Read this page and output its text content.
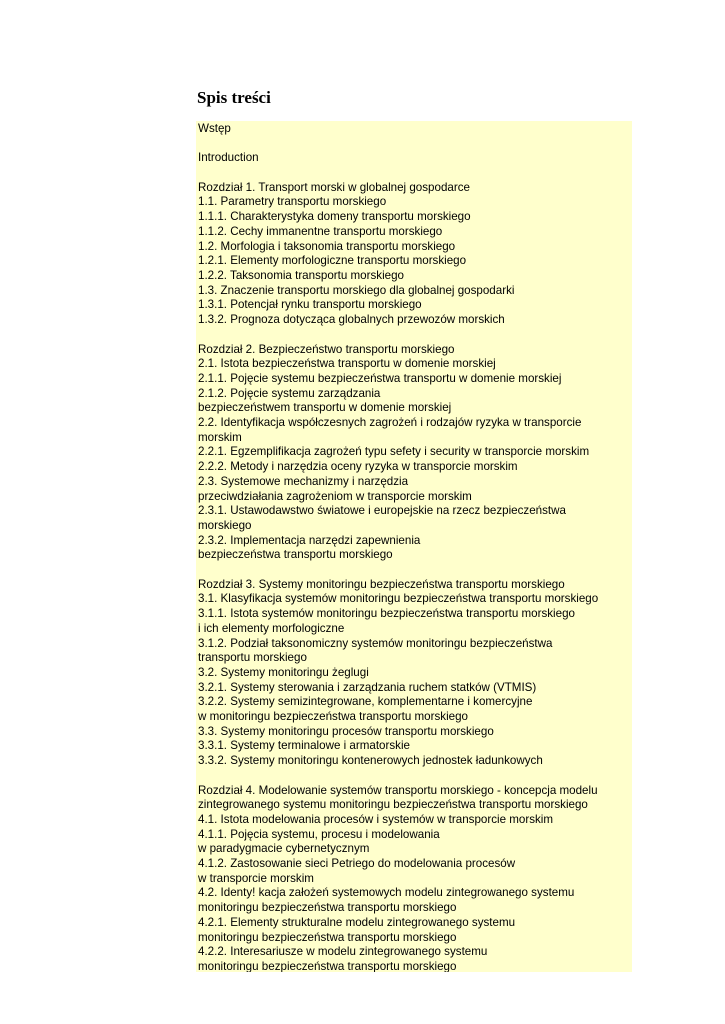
Spis treści
Wstęp
Introduction
Rozdział 1. Transport morski w globalnej gospodarce
1.1. Parametry transportu morskiego
1.1.1. Charakterystyka domeny transportu morskiego
1.1.2. Cechy immanentne transportu morskiego
1.2. Morfologia i taksonomia transportu morskiego
1.2.1. Elementy morfologiczne transportu morskiego
1.2.2. Taksonomia transportu morskiego
1.3. Znaczenie transportu morskiego dla globalnej gospodarki
1.3.1. Potencjał rynku transportu morskiego
1.3.2. Prognoza dotycząca globalnych przewozów morskich
Rozdział 2. Bezpieczeństwo transportu morskiego
2.1. Istota bezpieczeństwa transportu w domenie morskiej
2.1.1. Pojęcie systemu bezpieczeństwa transportu w domenie morskiej
2.1.2. Pojęcie systemu zarządzania
bezpieczeństwem transportu w domenie morskiej
2.2. Identyfikacja współczesnych zagrożeń i rodzajów ryzyka w transporcie
morskim
2.2.1. Egzemplifikacja zagrożeń typu sefety i security w transporcie morskim
2.2.2. Metody i narzędzia oceny ryzyka w transporcie morskim
2.3. Systemowe mechanizmy i narzędzia
przeciwdziałania zagrożeniom w transporcie morskim
2.3.1. Ustawodawstwo światowe i europejskie na rzecz bezpieczeństwa
morskiego
2.3.2. Implementacja narzędzi zapewnienia
bezpieczeństwa transportu morskiego
Rozdział 3. Systemy monitoringu bezpieczeństwa transportu morskiego
3.1. Klasyfikacja systemów monitoringu bezpieczeństwa transportu morskiego
3.1.1. Istota systemów monitoringu bezpieczeństwa transportu morskiego
i ich elementy morfologiczne
3.1.2. Podział taksonomiczny systemów monitoringu bezpieczeństwa
transportu morskiego
3.2. Systemy monitoringu żeglugi
3.2.1. Systemy sterowania i zarządzania ruchem statków (VTMIS)
3.2.2. Systemy semizintegrowane, komplementarne i komercyjne
w monitoringu bezpieczeństwa transportu morskiego
3.3. Systemy monitoringu procesów transportu morskiego
3.3.1. Systemy terminalowe i armatorskie
3.3.2. Systemy monitoringu kontenerowych jednostek ładunkowych
Rozdział 4. Modelowanie systemów transportu morskiego - koncepcja modelu
zintegrowanego systemu monitoringu bezpieczeństwa transportu morskiego
4.1. Istota modelowania procesów i systemów w transporcie morskim
4.1.1. Pojęcia systemu, procesu i modelowania
w paradygmacie cybernetycznym
4.1.2. Zastosowanie sieci Petriego do modelowania procesów
w transporcie morskim
4.2. Identy! kacja założeń systemowych modelu zintegrowanego systemu
monitoringu bezpieczeństwa transportu morskiego
4.2.1. Elementy strukturalne modelu zintegrowanego systemu
monitoringu bezpieczeństwa transportu morskiego
4.2.2. Interesariusze w modelu zintegrowanego systemu
monitoringu bezpieczeństwa transportu morskiego
